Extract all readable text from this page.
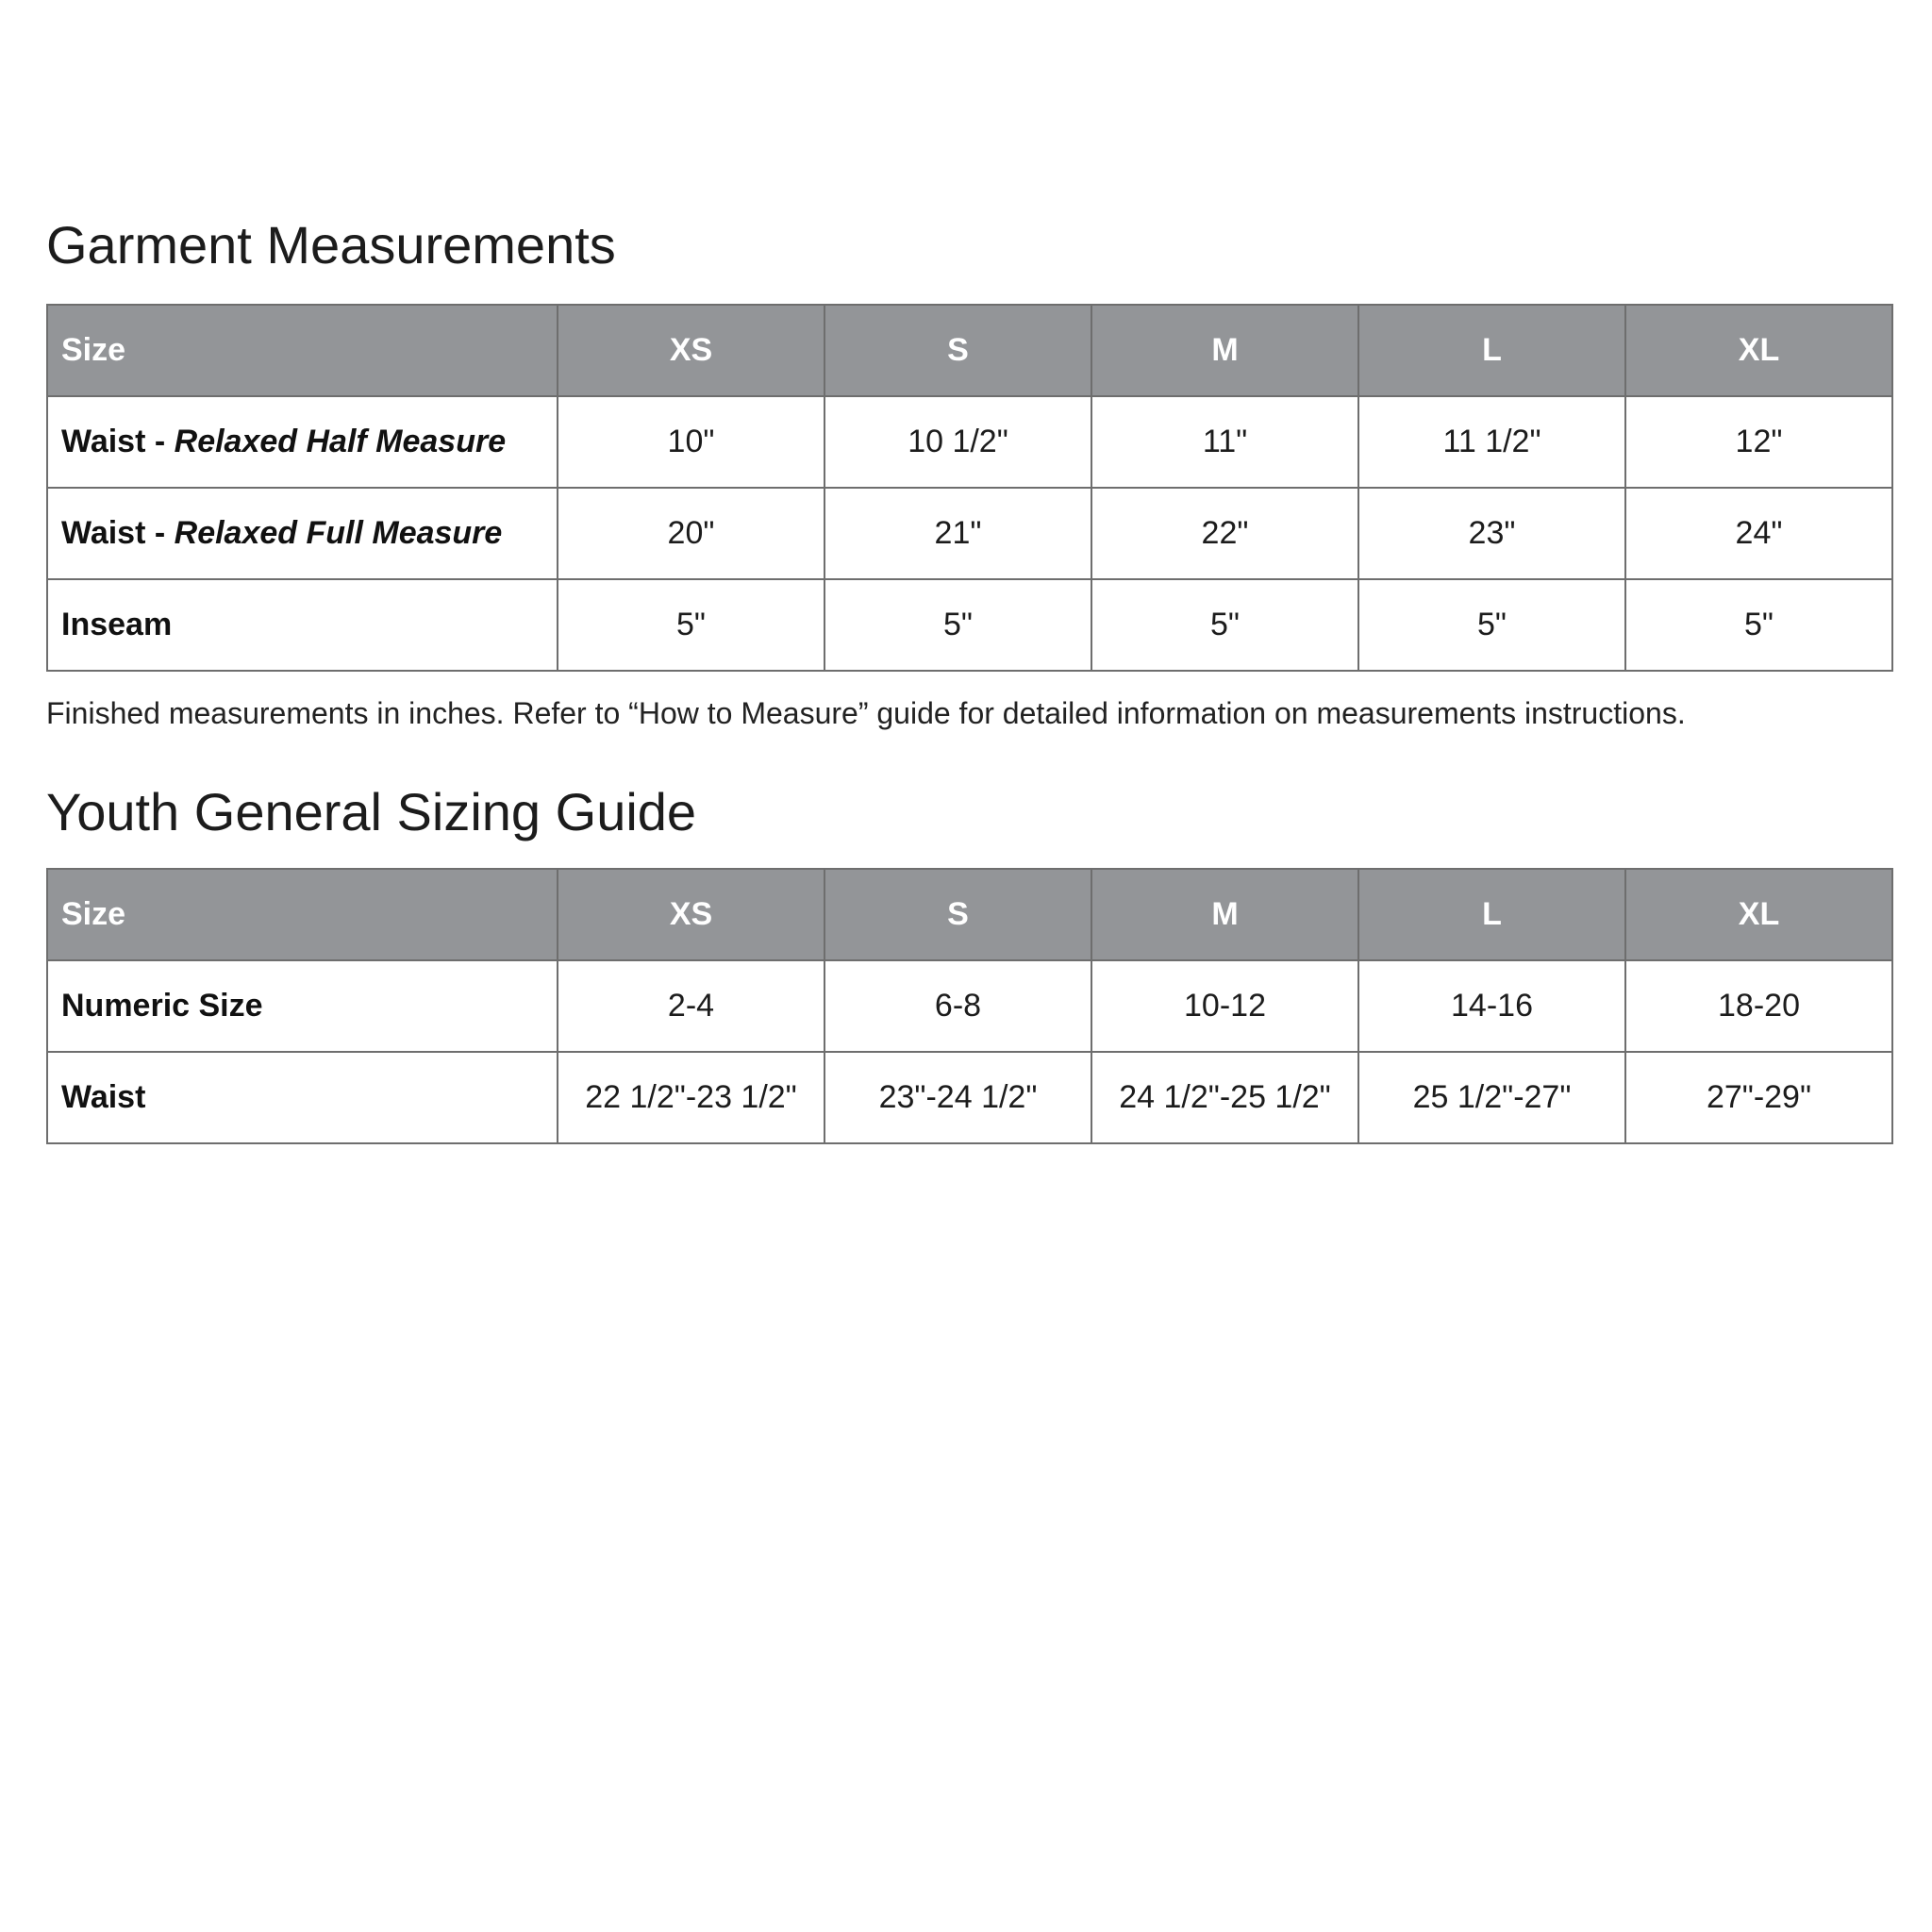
Garment Measurements
Size	XS	S	M	L	XL
Waist - Relaxed Half Measure	10"	10 1/2"	11"	11 1/2"	12"
Waist - Relaxed Full Measure	20"	21"	22"	23"	24"
Inseam	5"	5"	5"	5"	5"

Finished measurements in inches. Refer to “How to Measure” guide for detailed information on measurements instructions.

Youth General Sizing Guide
Size	XS	S	M	L	XL
Numeric Size	2-4	6-8	10-12	14-16	18-20
Waist	22 1/2"-23 1/2"	23"-24 1/2"	24 1/2"-25 1/2"	25 1/2"-27"	27"-29"
